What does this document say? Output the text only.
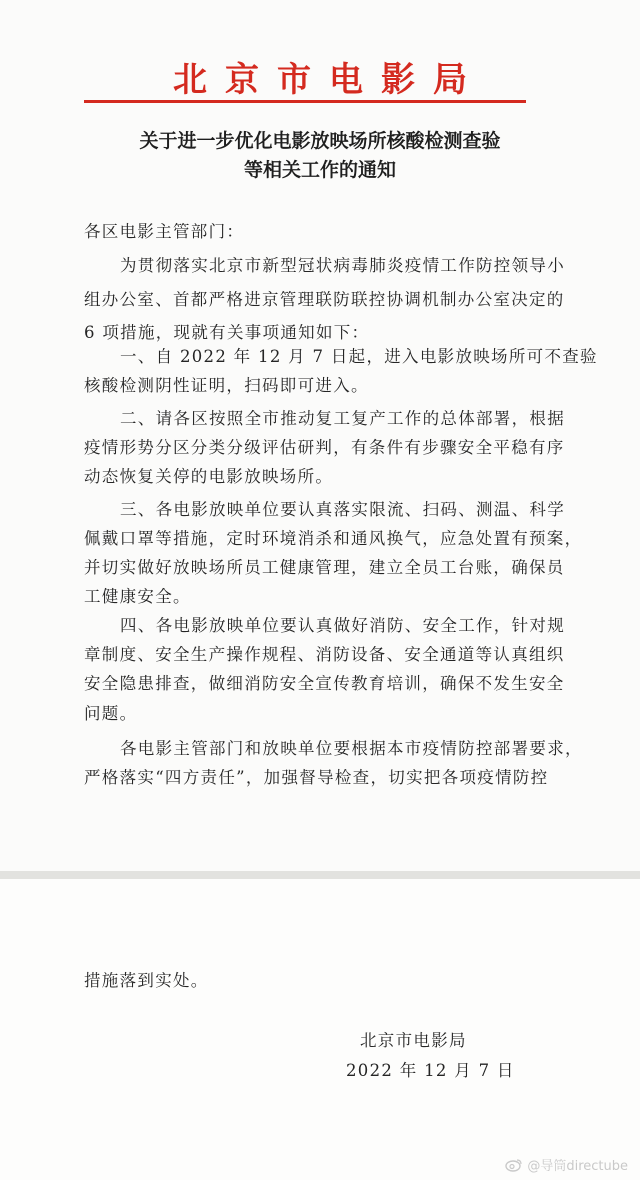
北京市电影局
关于进一步优化电影放映场所核酸检测查验
等相关工作的通知
各区电影主管部门：
为贯彻落实北京市新型冠状病毒肺炎疫情工作防控领导小
组办公室、首都严格进京管理联防联控协调机制办公室决定的
6 项措施，现就有关事项通知如下：
一、自 2022 年 12 月 7 日起，进入电影放映场所可不查验
核酸检测阴性证明，扫码即可进入。
二、请各区按照全市推动复工复产工作的总体部署，根据
疫情形势分区分类分级评估研判，有条件有步骤安全平稳有序
动态恢复关停的电影放映场所。
三、各电影放映单位要认真落实限流、扫码、测温、科学
佩戴口罩等措施，定时环境消杀和通风换气，应急处置有预案，
并切实做好放映场所员工健康管理，建立全员工台账，确保员
工健康安全。
四、各电影放映单位要认真做好消防、安全工作，针对规
章制度、安全生产操作规程、消防设备、安全通道等认真组织
安全隐患排查，做细消防安全宣传教育培训，确保不发生安全
问题。
各电影主管部门和放映单位要根据本市疫情防控部署要求，
严格落实“四方责任”，加强督导检查，切实把各项疫情防控
措施落到实处。
北京市电影局
2022 年 12 月 7 日
@导筒directube
